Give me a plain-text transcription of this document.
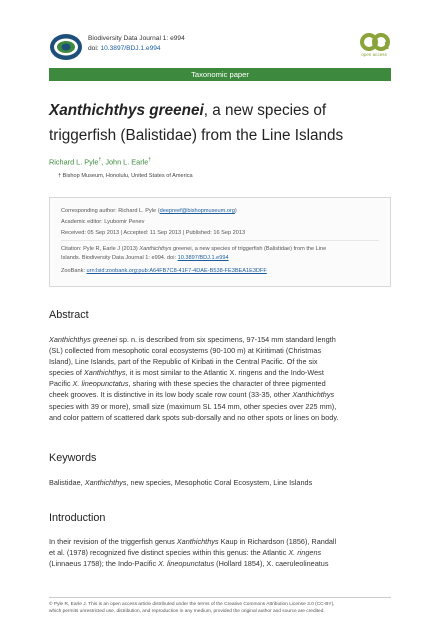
Biodiversity Data Journal 1: e994
doi: 10.3897/BDJ.1.e994
open access
Taxonomic paper
Xanthichthys greenei, a new species of triggerfish (Balistidae) from the Line Islands
Richard L. Pyle†, John L. Earle†
† Bishop Museum, Honolulu, United States of America
Corresponding author: Richard L. Pyle (deepreef@bishopmuseum.org)
Academic editor: Lyubomir Penev
Received: 05 Sep 2013 | Accepted: 11 Sep 2013 | Published: 16 Sep 2013
Citation: Pyle R, Earle J (2013) Xanthichthys greenei, a new species of triggerfish (Balistidae) from the Line
Islands. Biodiversity Data Journal 1: e994. doi: 10.3897/BDJ.1.e994
ZooBank: urn:lsid:zoobank.org:pub:A64FB7C8-41F7-4DAE-B538-FE3BEA1E3DFF
Abstract
Xanthichthys greenei sp. n. is described from six specimens, 97-154 mm standard length
(SL) collected from mesophotic coral ecosystems (90-100 m) at Kiritimati (Christmas
Island), Line Islands, part of the Republic of Kiribati in the Central Pacific. Of the six
species of Xanthichthys, it is most similar to the Atlantic X. ringens and the Indo-West
Pacific X. lineopunctatus, sharing with these species the character of three pigmented
cheek grooves. It is distinctive in its low body scale row count (33-35, other Xanthichthys
species with 39 or more), small size (maximum SL 154 mm, other species over 225 mm),
and color pattern of scattered dark spots sub-dorsally and no other spots or lines on body.
Keywords
Balistidae, Xanthichthys, new species, Mesophotic Coral Ecosystem, Line Islands
Introduction
In their revision of the triggerfish genus Xanthichthys Kaup in Richardson (1856), Randall
et al. (1978) recognized five distinct species within this genus: the Atlantic X. ringens
(Linnaeus 1758); the Indo-Pacific X. lineopunctatus (Hollard 1854), X. caeruleolineatus
© Pyle R, Earle J. This is an open access article distributed under the terms of the Creative Commons Attribution License 3.0 (CC-BY),
which permits unrestricted use, distribution, and reproduction in any medium, provided the original author and source are credited.
